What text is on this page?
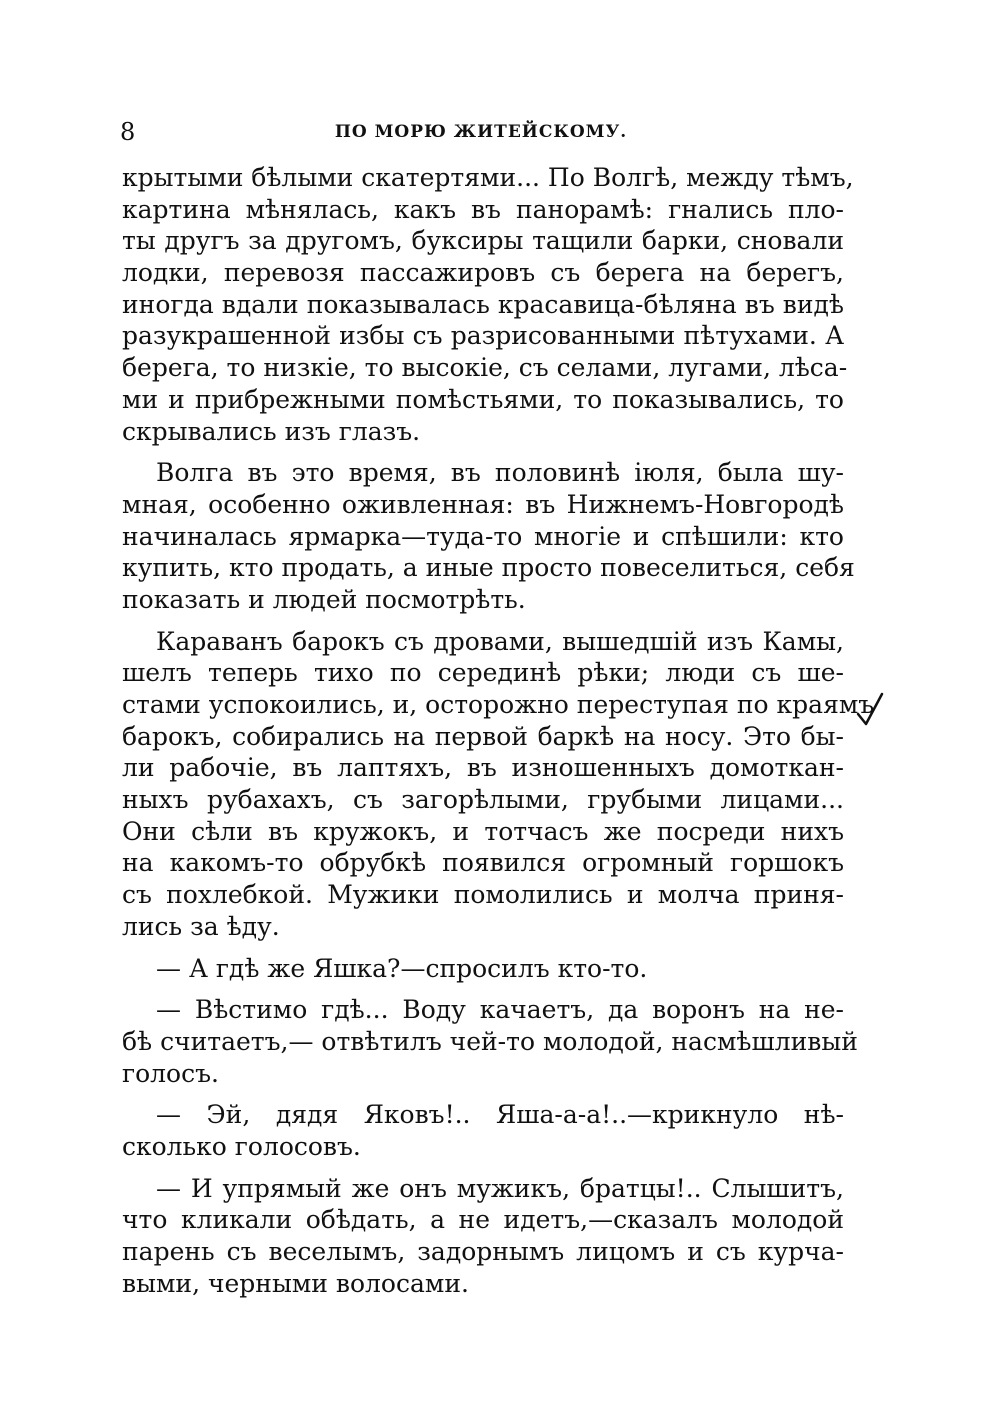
8	ПО МОРЮ ЖИТЕЙСКОМУ.
крытыми бѣлыми скатертями... По Волгѣ, между тѣмъ,
картина мѣнялась, какъ въ панорамѣ: гнались пло-
ты другъ за другомъ, буксиры тащили барки, сновали
лодки, перевозя пассажировъ съ берега на берегъ,
иногда вдали показывалась красавица-бѣляна въ видѣ
разукрашенной избы съ разрисованными пѣтухами. А
берега, то низкіе, то высокіе, съ селами, лугами, лѣса-
ми и прибрежными помѣстьями, то показывались, то
скрывались изъ глазъ.
Волга въ это время, въ половинѣ іюля, была шу-
мная, особенно оживленная: въ Нижнемъ-Новгородѣ
начиналась ярмарка—туда-то многіе и спѣшили: кто
купить, кто продать, а иные просто повеселиться, себя
показать и людей посмотрѣть.
Караванъ барокъ съ дровами, вышедшій изъ Камы,
шелъ теперь тихо по серединѣ рѣки; люди съ ше-
стами успокоились, и, осторожно переступая по краямъ
барокъ, собирались на первой баркѣ на носу. Это бы-
ли рабочіе, въ лаптяхъ, въ изношенныхъ домоткан-
ныхъ рубахахъ, съ загорѣлыми, грубыми лицами...
Они сѣли въ кружокъ, и тотчасъ же посреди нихъ
на какомъ-то обрубкѣ появился огромный горшокъ
съ похлебкой. Мужики помолились и молча приня-
лись за ѣду.
— А гдѣ же Яшка?—спросилъ кто-то.
— Вѣстимо гдѣ... Воду качаетъ, да воронъ на не-
бѣ считаетъ,— отвѣтилъ чей-то молодой, насмѣшливый
голосъ.
— Эй, дядя Яковъ!.. Яша-а-а!..—крикнуло нѣ-
сколько голосовъ.
— И упрямый же онъ мужикъ, братцы!.. Слышитъ,
что кликали обѣдать, а не идетъ,—сказалъ молодой
парень съ веселымъ, задорнымъ лицомъ и съ курча-
выми, черными волосами.
